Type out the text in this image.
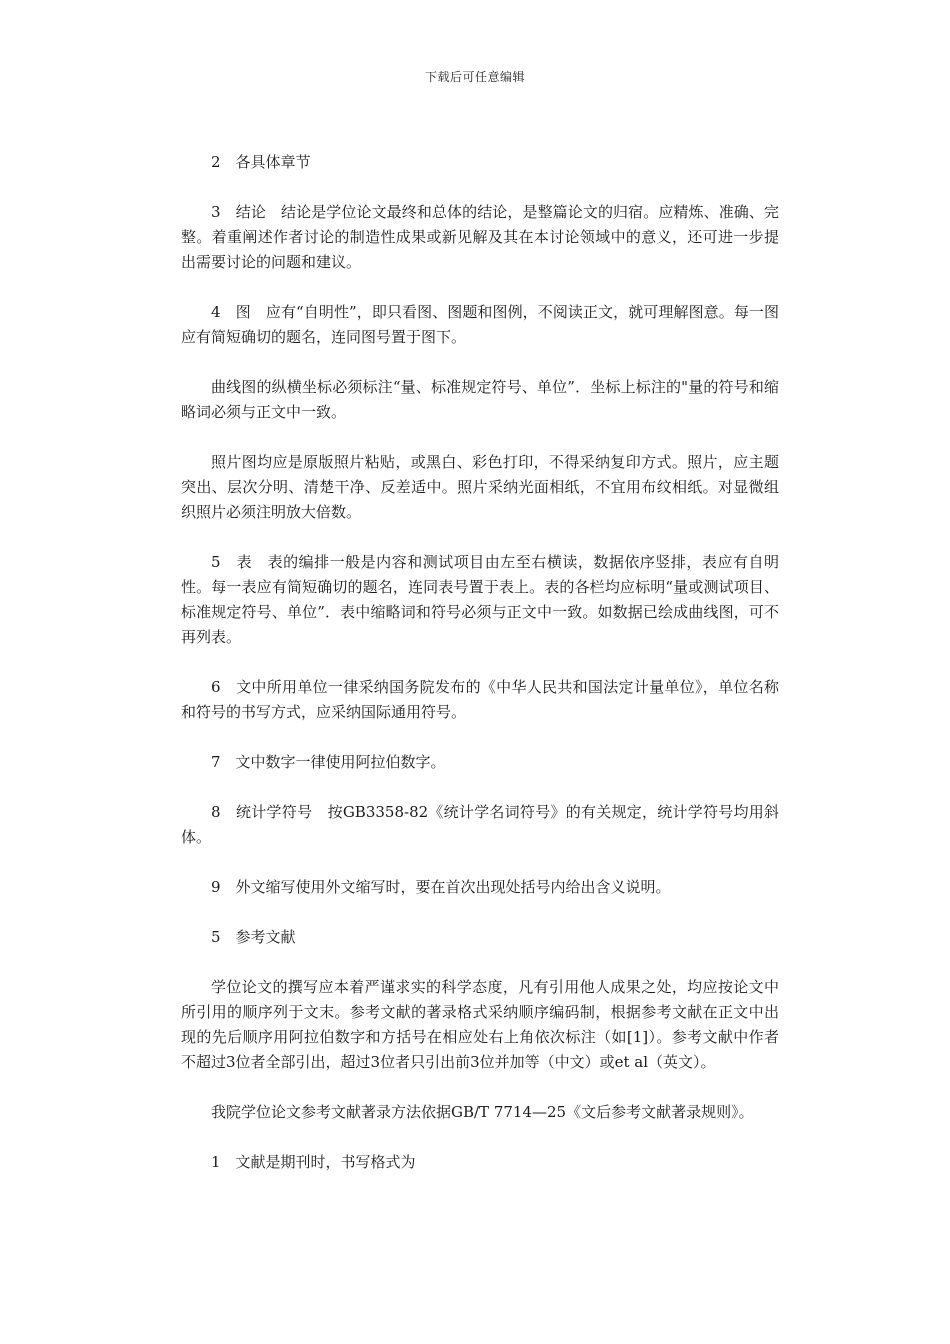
下载后可任意编辑

2　各具体章节

3　结论　结论是学位论文最终和总体的结论，是整篇论文的归宿。应精炼、准确、完整。着重阐述作者讨论的制造性成果或新见解及其在本讨论领域中的意义，还可进一步提出需要讨论的问题和建议。

4　图　应有“自明性”，即只看图、图题和图例，不阅读正文，就可理解图意。每一图应有简短确切的题名，连同图号置于图下。

曲线图的纵横坐标必须标注“量、标准规定符号、单位”．坐标上标注的"量的符号和缩略词必须与正文中一致。

照片图均应是原版照片粘贴，或黑白、彩色打印，不得采纳复印方式。照片，应主题突出、层次分明、清楚干净、反差适中。照片采纳光面相纸，不宜用布纹相纸。对显微组织照片必须注明放大倍数。

5　表　表的编排一般是内容和测试项目由左至右横读，数据依序竖排，表应有自明性。每一表应有简短确切的题名，连同表号置于表上。表的各栏均应标明“量或测试项目、标准规定符号、单位”．表中缩略词和符号必须与正文中一致。如数据已绘成曲线图，可不再列表。

6　文中所用单位一律采纳国务院发布的《中华人民共和国法定计量单位》，单位名称和符号的书写方式，应采纳国际通用符号。

7　文中数字一律使用阿拉伯数字。

8　统计学符号　按GB3358-82《统计学名词符号》的有关规定，统计学符号均用斜体。

9　外文缩写使用外文缩写时，要在首次出现处括号内给出含义说明。

5　参考文献

学位论文的撰写应本着严谨求实的科学态度，凡有引用他人成果之处，均应按论文中所引用的顺序列于文末。参考文献的著录格式采纳顺序编码制，根据参考文献在正文中出现的先后顺序用阿拉伯数字和方括号在相应处右上角依次标注（如[1]）。参考文献中作者不超过3位者全部引出，超过3位者只引出前3位并加等（中文）或et al（英文）。

我院学位论文参考文献著录方法依据GB/T 7714—25《文后参考文献著录规则》。

1　文献是期刊时，书写格式为
